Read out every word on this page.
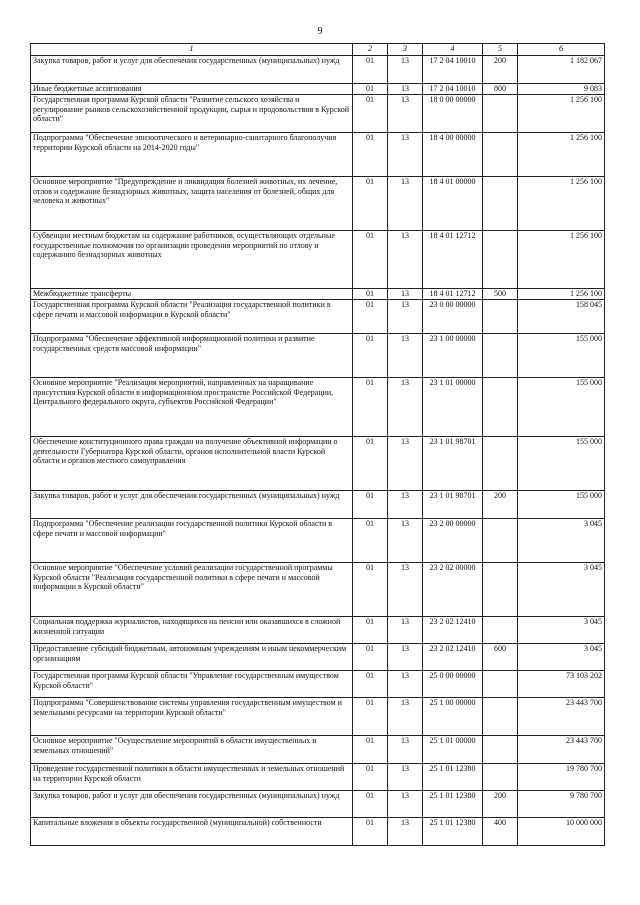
9
1	2	3	4	5	6
Закупка товаров, работ и услуг для обеспечения государственных (муниципальных) нужд	01	13	17 2 04 10010	200	1 182 067
Иные бюджетные ассигнования	01	13	17 2 04 10010	800	9 083
Государственная программа Курской области "Развитие сельского хозяйства и регулирование рынков сельскохозяйственной продукции, сырья и продовольствия в Курской области"	01	13	18 0 00 00000		1 256 100
Подпрограмма "Обеспечение эпизоотического и ветеринарно-санитарного благополучия территории Курской области на 2014-2020 годы"	01	13	18 4 00 00000		1 256 100
Основное мероприятие "Предупреждение и ликвидация болезней животных, их лечение, отлов и содержание безнадзорных животных, защита населения от болезней, общих для человека и животных"	01	13	18 4 01 00000		1 256 100
Субвенции местным бюджетам на содержание работников, осуществляющих отдельные государственные полномочия по организации проведения мероприятий по отлову и содержанию безнадзорных животных	01	13	18 4 01 12712		1 256 100
Межбюджетные трансферты	01	13	18 4 01 12712	500	1 256 100
Государственная программа Курской области "Реализация государственной политики в сфере печати и массовой информации в Курской области"	01	13	23 0 00 00000		158 045
Подпрограмма "Обеспечение эффективной информационной политики и развитие государственных средств массовой информации"	01	13	23 1 00 00000		155 000
Основное мероприятие "Реализация мероприятий, направленных на наращивание присутствия Курской области в информационном пространстве Российской Федерации, Центрального федерального округа, субъектов Российской Федерации"	01	13	23 1 01 00000		155 000
Обеспечение конституционного права граждан на получение объективной информации о деятельности Губернатора Курской области, органов исполнительной власти Курской области и органов местного самоуправления	01	13	23 1 01 98701		155 000
Закупка товаров, работ и услуг для обеспечения государственных (муниципальных) нужд	01	13	23 1 01 98701	200	155 000
Подпрограмма "Обеспечение реализации государственной политики Курской области в сфере печати и массовой информации"	01	13	23 2 00 00000		3 045
Основное мероприятие "Обеспечение условий реализации государственной программы Курской области "Реализация государственной политики в сфере печати и массовой информации в Курской области"	01	13	23 2 02 00000		3 045
Социальная поддержка журналистов, находящихся на пенсии или оказавшихся в сложной жизненной ситуации	01	13	23 2 02 12410		3 045
Предоставление субсидий бюджетным, автономным учреждениям и иным некоммерческим организациям	01	13	23 2 02 12410	600	3 045
Государственная программа Курской области "Управление государственным имуществом Курской области"	01	13	25 0 00 00000		73 103 202
Подпрограмма "Совершенствование системы управления государственным имуществом и земельными ресурсами на территории Курской области"	01	13	25 1 00 00000		23 443 700
Основное мероприятие "Осуществление мероприятий в области имущественных и земельных отношений"	01	13	25 1 01 00000		23 443 700
Проведение государственной политики в области имущественных и земельных отношений на территории Курской области	01	13	25 1 01 12380		19 780 700
Закупка товаров, работ и услуг для обеспечения государственных (муниципальных) нужд	01	13	25 1 01 12380	200	9 780 700
Капитальные вложения в объекты государственной (муниципальной) собственности	01	13	25 1 01 12380	400	10 000 000
